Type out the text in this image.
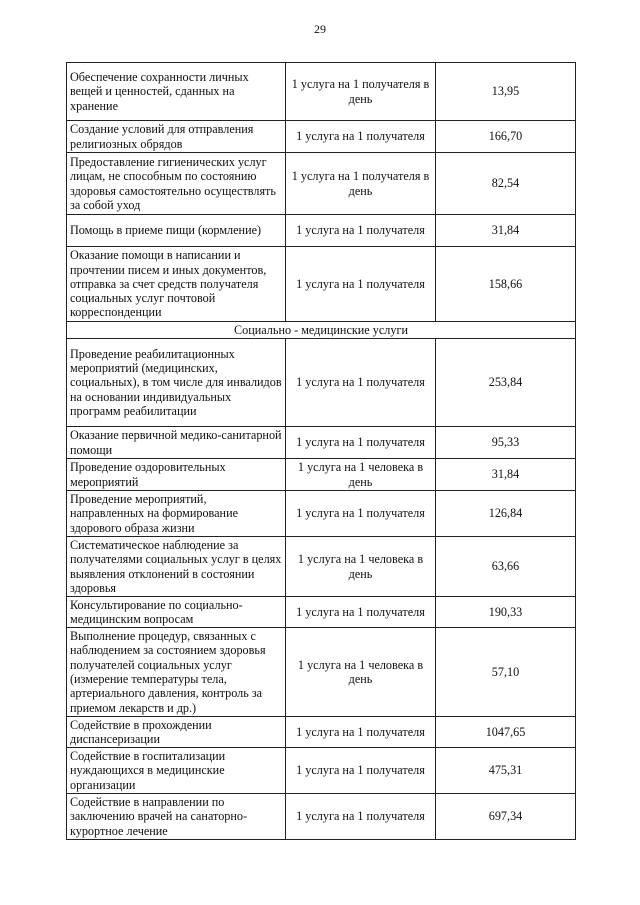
29
Обеспечение сохранности личных вещей и ценностей, сданных на хранение	1 услуга на 1 получателя в день	13,95
Создание условий для отправления религиозных обрядов	1 услуга на 1 получателя	166,70
Предоставление гигиенических услуг лицам, не способным по состоянию здоровья самостоятельно осуществлять за собой уход	1 услуга на 1 получателя в день	82,54
Помощь в приеме пищи (кормление)	1 услуга на 1 получателя	31,84
Оказание помощи в написании и прочтении писем и иных документов, отправка за счет средств получателя социальных услуг почтовой корреспонденции	1 услуга на 1 получателя	158,66
Социально - медицинские услуги		
Проведение реабилитационных мероприятий (медицинских, социальных), в том числе для инвалидов на основании индивидуальных программ реабилитации	1 услуга на 1 получателя	253,84
Оказание первичной медико-санитарной помощи	1 услуга на 1 получателя	95,33
Проведение оздоровительных мероприятий	1 услуга на 1 человека в день	31,84
Проведение мероприятий, направленных на формирование здорового образа жизни	1 услуга на 1 получателя	126,84
Систематическое наблюдение за получателями социальных услуг в целях выявления отклонений в состоянии здоровья	1 услуга на 1 человека в день	63,66
Консультирование по социально-медицинским вопросам	1 услуга на 1 получателя	190,33
Выполнение процедур, связанных с наблюдением за состоянием здоровья получателей социальных услуг (измерение температуры тела, артериального давления, контроль за приемом лекарств и др.)	1 услуга на 1 человека в день	57,10
Содействие в прохождении диспансеризации	1 услуга на 1 получателя	1047,65
Содействие в госпитализации нуждающихся в медицинские организации	1 услуга на 1 получателя	475,31
Содействие в направлении по заключению врачей на санаторно-курортное лечение	1 услуга на 1 получателя	697,34
